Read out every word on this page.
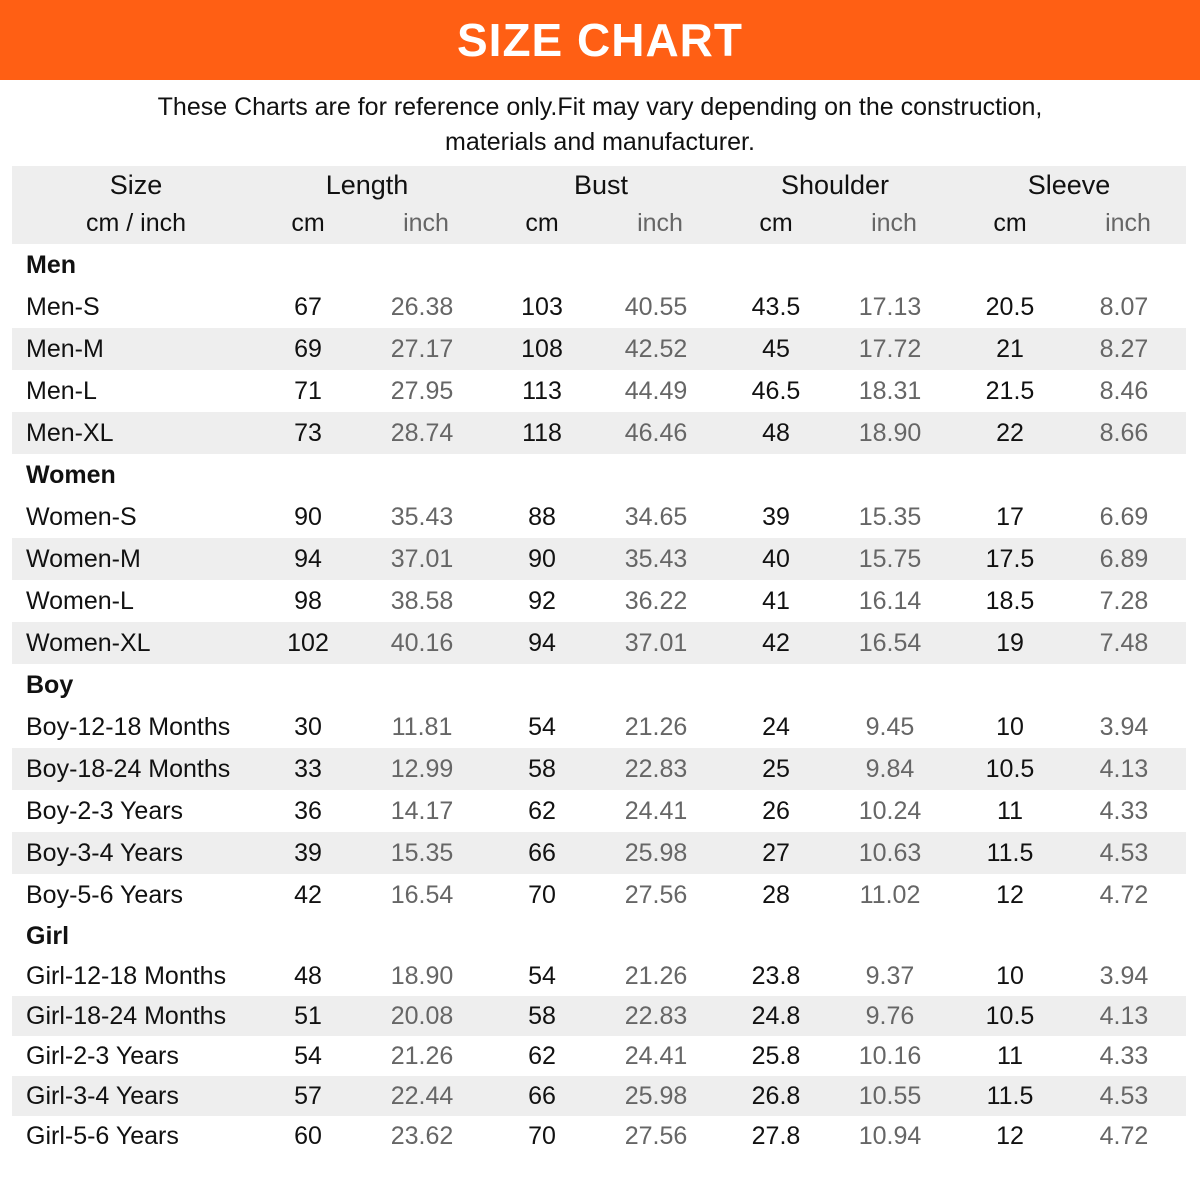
SIZE CHART
These Charts are for reference only.Fit may vary depending on the construction,
materials and manufacturer.
Size	Length	Bust	Shoulder	Sleeve
cm / inch	cm	inch	cm	inch	cm	inch	cm	inch
Men
Men-S	67	26.38	103	40.55	43.5	17.13	20.5	8.07
Men-M	69	27.17	108	42.52	45	17.72	21	8.27
Men-L	71	27.95	113	44.49	46.5	18.31	21.5	8.46
Men-XL	73	28.74	118	46.46	48	18.90	22	8.66
Women
Women-S	90	35.43	88	34.65	39	15.35	17	6.69
Women-M	94	37.01	90	35.43	40	15.75	17.5	6.89
Women-L	98	38.58	92	36.22	41	16.14	18.5	7.28
Women-XL	102	40.16	94	37.01	42	16.54	19	7.48
Boy
Boy-12-18 Months	30	11.81	54	21.26	24	9.45	10	3.94
Boy-18-24 Months	33	12.99	58	22.83	25	9.84	10.5	4.13
Boy-2-3 Years	36	14.17	62	24.41	26	10.24	11	4.33
Boy-3-4 Years	39	15.35	66	25.98	27	10.63	11.5	4.53
Boy-5-6 Years	42	16.54	70	27.56	28	11.02	12	4.72
Girl
Girl-12-18 Months	48	18.90	54	21.26	23.8	9.37	10	3.94
Girl-18-24 Months	51	20.08	58	22.83	24.8	9.76	10.5	4.13
Girl-2-3 Years	54	21.26	62	24.41	25.8	10.16	11	4.33
Girl-3-4 Years	57	22.44	66	25.98	26.8	10.55	11.5	4.53
Girl-5-6 Years	60	23.62	70	27.56	27.8	10.94	12	4.72
